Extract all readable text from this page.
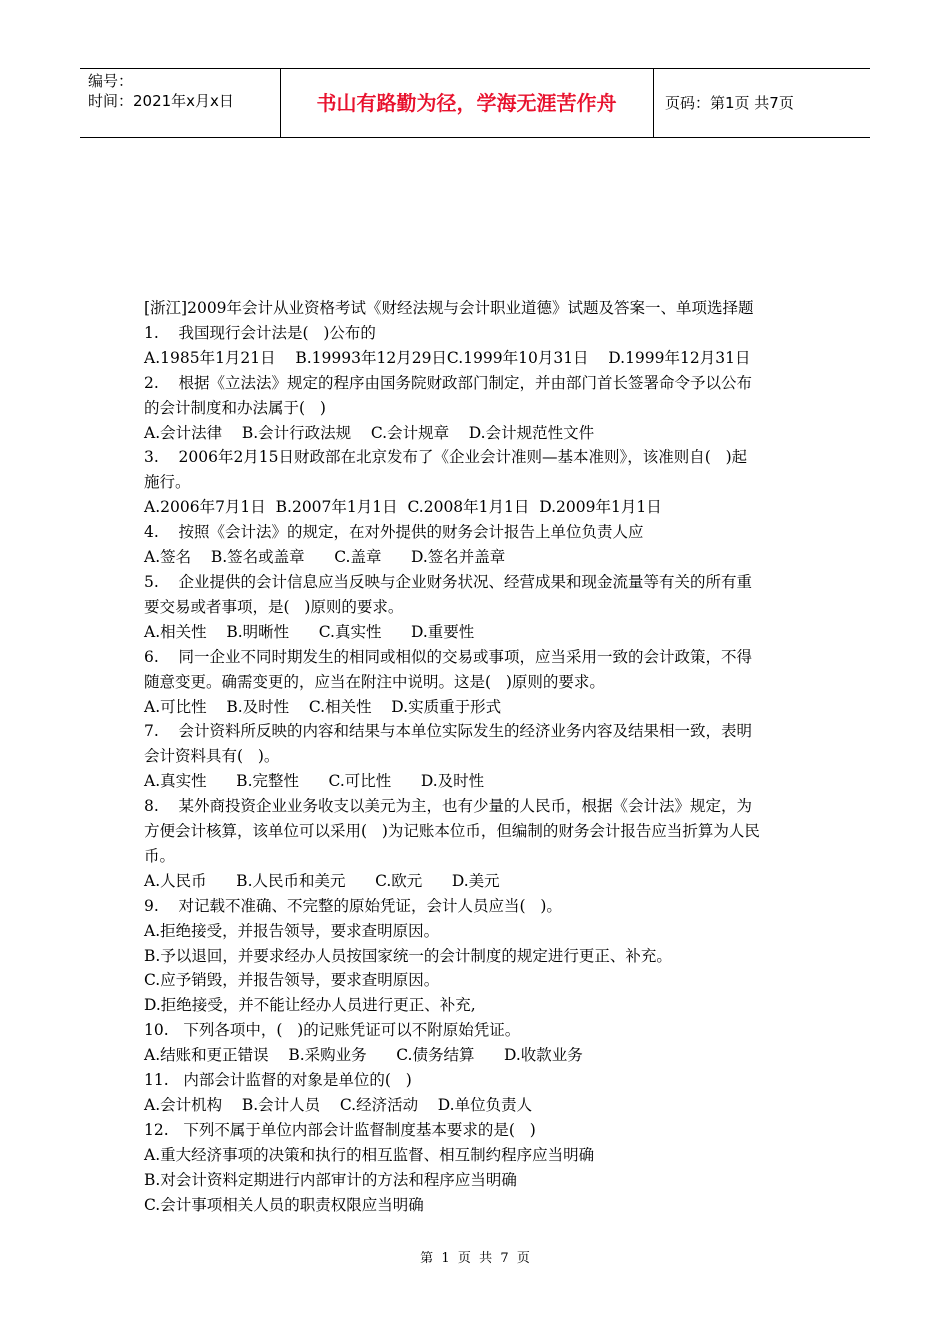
编号：
时间：2021年x月x日	书山有路勤为径，学海无涯苦作舟	页码：第1页 共7页

[浙江]2009年会计从业资格考试《财经法规与会计职业道德》试题及答案一、单项选择题

1.    我国现行会计法是(   )公布的

A.1985年1月21日    B.19993年12月29日C.1999年10月31日    D.1999年12月31日

2.    根据《立法法》规定的程序由国务院财政部门制定，并由部门首长签署命令予以公布

的会计制度和办法属于(   )

A.会计法律    B.会计行政法规    C.会计规章    D.会计规范性文件

3.    2006年2月15日财政部在北京发布了《企业会计准则—基本准则》，该准则自(   )起

施行。

A.2006年7月1日  B.2007年1月1日  C.2008年1月1日  D.2009年1月1日

4.    按照《会计法》的规定，在对外提供的财务会计报告上单位负责人应

A.签名    B.签名或盖章      C.盖章      D.签名并盖章

5.    企业提供的会计信息应当反映与企业财务状况、经营成果和现金流量等有关的所有重

要交易或者事项，是(   )原则的要求。

A.相关性    B.明晰性      C.真实性      D.重要性

6.    同一企业不同时期发生的相同或相似的交易或事项，应当采用一致的会计政策，不得

随意变更。确需变更的，应当在附注中说明。这是(   )原则的要求。

A.可比性    B.及时性    C.相关性    D.实质重于形式

7.    会计资料所反映的内容和结果与本单位实际发生的经济业务内容及结果相一致，表明

会计资料具有(   )。

A.真实性      B.完整性      C.可比性      D.及时性

8.    某外商投资企业业务收支以美元为主，也有少量的人民币，根据《会计法》规定，为

方便会计核算，该单位可以采用(   )为记账本位币，但编制的财务会计报告应当折算为人民

币。

A.人民币      B.人民币和美元      C.欧元      D.美元

9.    对记载不准确、不完整的原始凭证，会计人员应当(   )。

A.拒绝接受，并报告领导，要求查明原因。

B.予以退回，并要求经办人员按国家统一的会计制度的规定进行更正、补充。

C.应予销毁，并报告领导，要求查明原因。

D.拒绝接受，并不能让经办人员进行更正、补充,

10.   下列各项中，(   )的记账凭证可以不附原始凭证。

A.结账和更正错误    B.采购业务      C.债务结算      D.收款业务

11.   内部会计监督的对象是单位的(   )

A.会计机构    B.会计人员    C.经济活动    D.单位负责人

12.   下列不属于单位内部会计监督制度基本要求的是(   )

A.重大经济事项的决策和执行的相互监督、相互制约程序应当明确

B.对会计资料定期进行内部审计的方法和程序应当明确

C.会计事项相关人员的职责权限应当明确

第  1  页  共  7  页
